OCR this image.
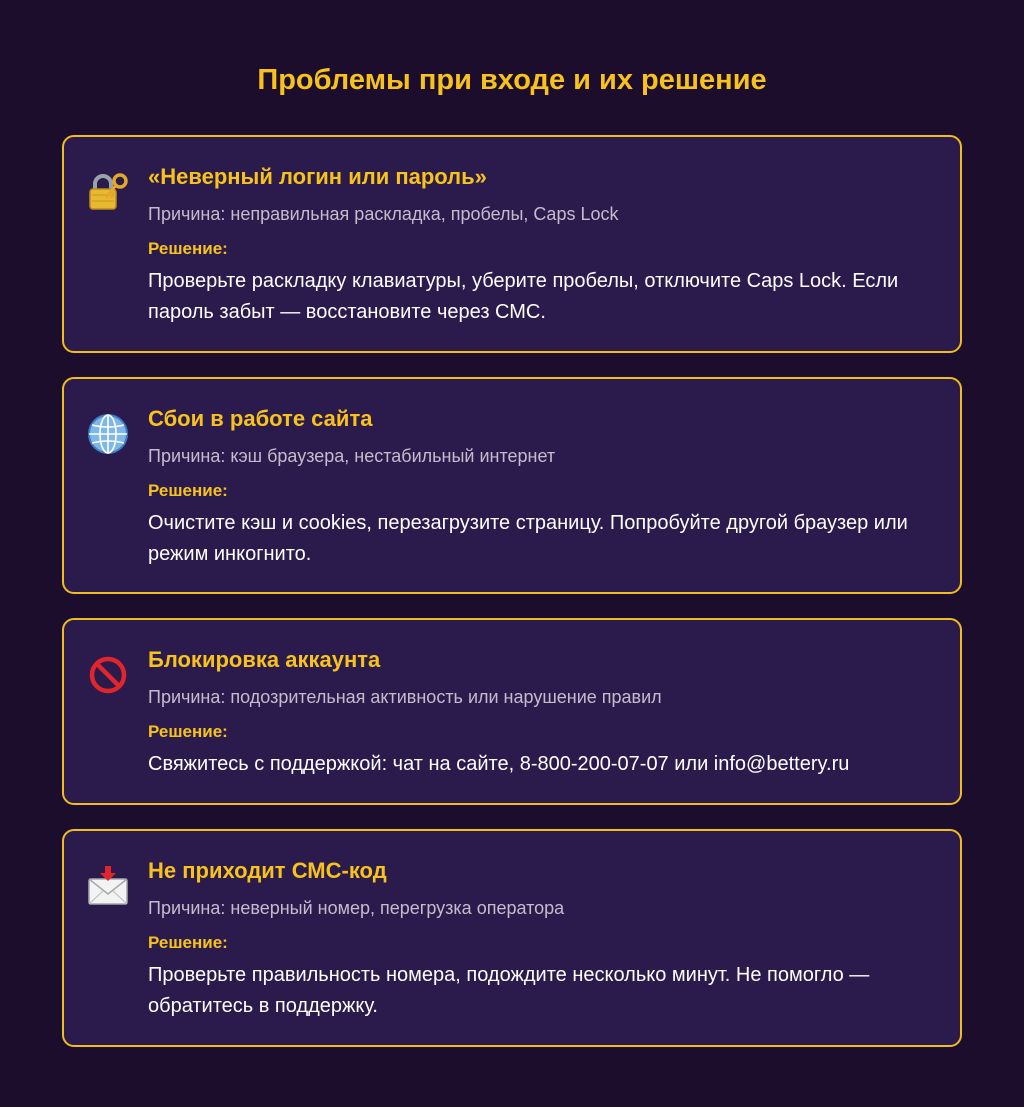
Проблемы при входе и их решение
«Неверный логин или пароль»
Причина: неправильная раскладка, пробелы, Caps Lock
Решение:
Проверьте раскладку клавиатуры, уберите пробелы, отключите Caps Lock. Если пароль забыт — восстановите через СМС.
Сбои в работе сайта
Причина: кэш браузера, нестабильный интернет
Решение:
Очистите кэш и cookies, перезагрузите страницу. Попробуйте другой браузер или режим инкогнито.
Блокировка аккаунта
Причина: подозрительная активность или нарушение правил
Решение:
Свяжитесь с поддержкой: чат на сайте, 8-800-200-07-07 или info@bettery.ru
Не приходит СМС-код
Причина: неверный номер, перегрузка оператора
Решение:
Проверьте правильность номера, подождите несколько минут. Не помогло — обратитесь в поддержку.
